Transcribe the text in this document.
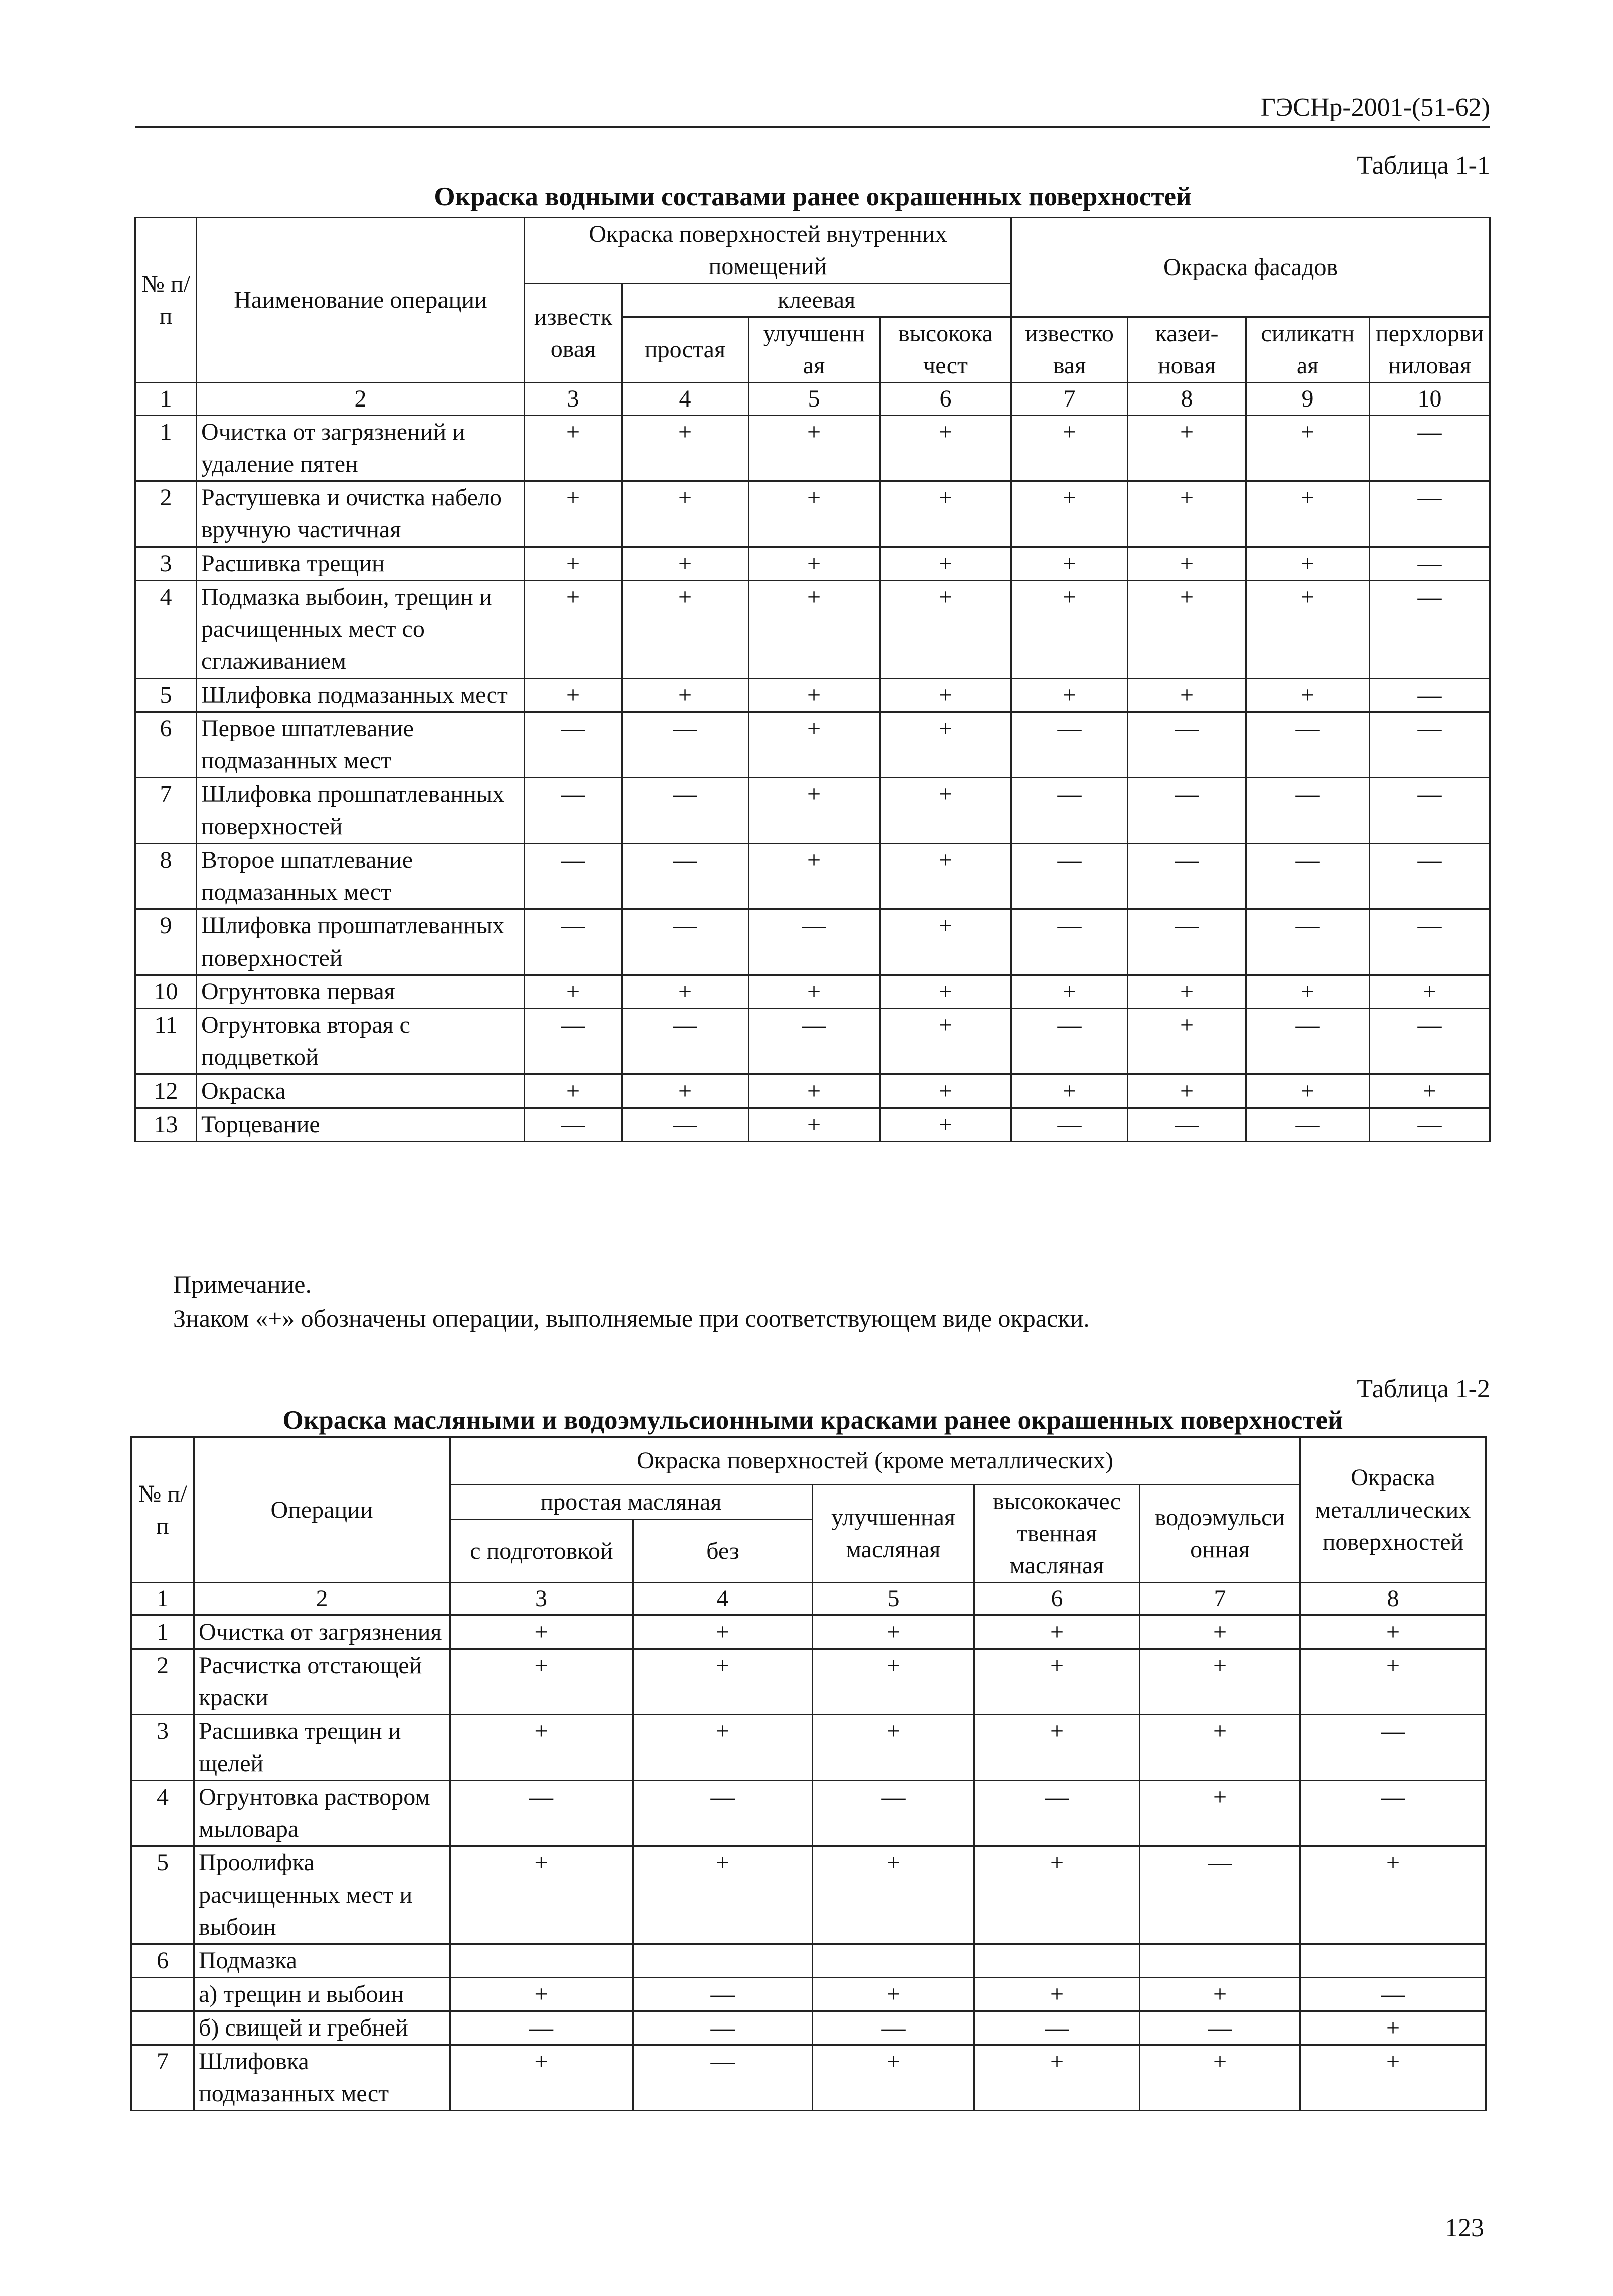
ГЭСНр-2001-(51-62)
Таблица 1-1
Окраска водными составами ранее окрашенных поверхностей
№ п/п	Наименование операции	Окраска поверхностей внутренних помещений				Окраска фасадов			
		известк овая	клеевая						
			простая	улучшенн ая	высокока чест	известко вая	казеи- новая	силикатн ая	перхлорви ниловая
1	2	3	4	5	6	7	8	9	10
1	Очистка от загрязнений и удаление пятен	+	+	+	+	+	+	+	—
2	Растушевка и очистка набело вручную частичная	+	+	+	+	+	+	+	—
3	Расшивка трещин	+	+	+	+	+	+	+	—
4	Подмазка выбоин, трещин и расчищенных мест со сглаживанием	+	+	+	+	+	+	+	—
5	Шлифовка подмазанных мест	+	+	+	+	+	+	+	—
6	Первое шпатлевание подмазанных мест	—	—	+	+	—	—	—	—
7	Шлифовка прошпатлеванных поверхностей	—	—	+	+	—	—	—	—
8	Второе шпатлевание подмазанных мест	—	—	+	+	—	—	—	—
9	Шлифовка прошпатлеванных поверхностей	—	—	—	+	—	—	—	—
10	Огрунтовка первая	+	+	+	+	+	+	+	+
11	Огрунтовка вторая с подцветкой	—	—	—	+	—	+	—	—
12	Окраска	+	+	+	+	+	+	+	+
13	Торцевание	—	—	+	+	—	—	—	—
Примечание.
Знаком «+» обозначены операции, выполняемые при соответствующем виде окраски.
Таблица 1-2
Окраска масляными и водоэмульсионными красками ранее окрашенных поверхностей
№ п/п	Операции	Окраска поверхностей (кроме металлических)					Окраска металлических поверхностей
		простая масляная		улучшенная масляная	высококачес твенная масляная	водоэмульси онная	
		с подготовкой	без				
1	2	3	4	5	6	7	8
1	Очистка от загрязнения	+	+	+	+	+	+
2	Расчистка отстающей краски	+	+	+	+	+	+
3	Расшивка трещин и щелей	+	+	+	+	+	—
4	Огрунтовка раствором мыловара	—	—	—	—	+	—
5	Проолифка расчищенных мест и выбоин	+	+	+	+	—	+
6	Подмазка						
	а) трещин и выбоин	+	—	+	+	+	—
	б) свищей и гребней	—	—	—	—	—	+
7	Шлифовка подмазанных мест	+	—	+	+	+	+
123
